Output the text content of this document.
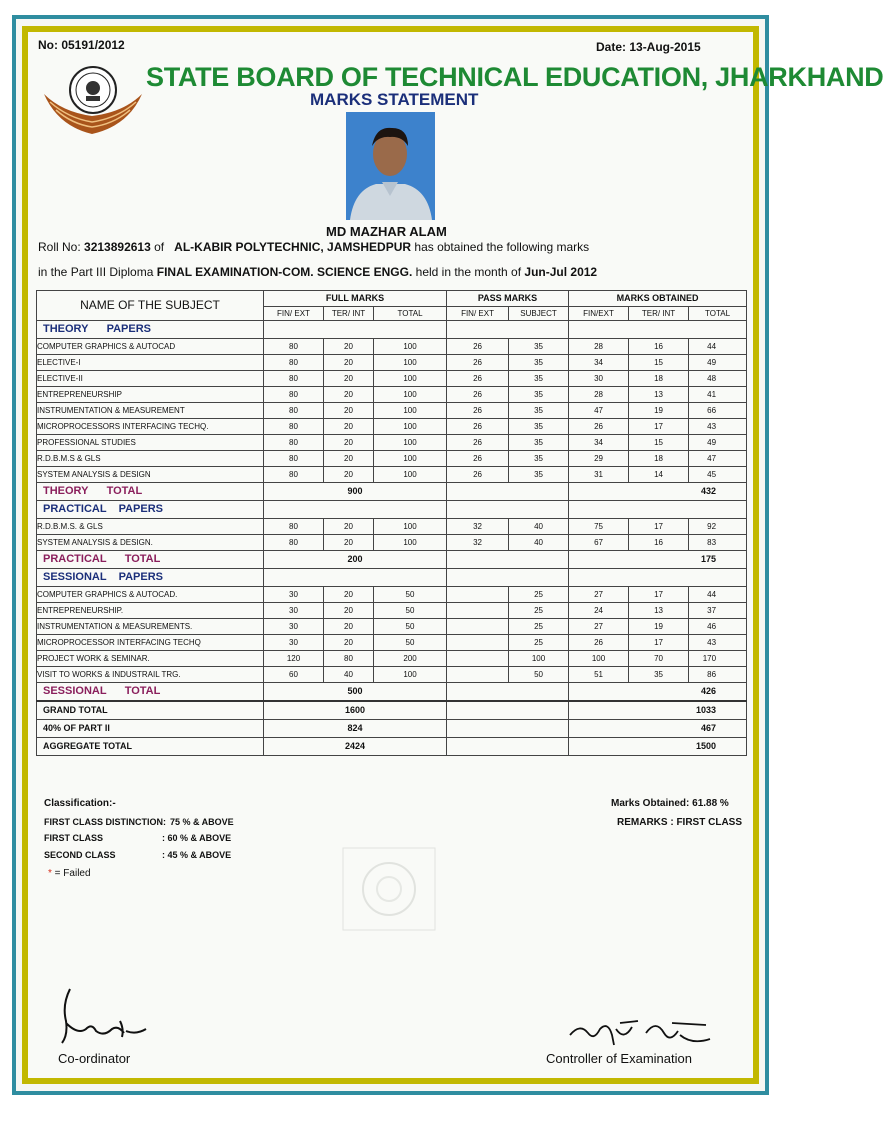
No: 05191/2012	Date: 13-Aug-2015
STATE BOARD OF TECHNICAL EDUCATION, JHARKHAND
MARKS STATEMENT
MD MAZHAR ALAM
Roll No: 3213892613 of AL-KABIR POLYTECHNIC, JAMSHEDPUR has obtained the following marks
in the Part III Diploma FINAL EXAMINATION-COM. SCIENCE ENGG. held in the month of Jun-Jul 2012
NAME OF THE SUBJECT	FULL MARKS			PASS MARKS		MARKS OBTAINED		
	FIN/ EXT	TER/ INT	TOTAL	FIN/ EXT	SUBJECT	FIN/EXT	TER/ INT	TOTAL
THEORY      PAPERS								
COMPUTER GRAPHICS & AUTOCAD	80	20	100	26	35	28	16	44
ELECTIVE-I	80	20	100	26	35	34	15	49
ELECTIVE-II	80	20	100	26	35	30	18	48
ENTREPRENEURSHIP	80	20	100	26	35	28	13	41
INSTRUMENTATION & MEASUREMENT	80	20	100	26	35	47	19	66
MICROPROCESSORS INTERFACING TECHQ.	80	20	100	26	35	26	17	43
PROFESSIONAL STUDIES	80	20	100	26	35	34	15	49
R.D.B.M.S & GLS	80	20	100	26	35	29	18	47
SYSTEM ANALYSIS & DESIGN	80	20	100	26	35	31	14	45
THEORY      TOTAL	900					432		
PRACTICAL    PAPERS								
R.D.B.M.S. & GLS	80	20	100	32	40	75	17	92
SYSTEM ANALYSIS & DESIGN.	80	20	100	32	40	67	16	83
PRACTICAL      TOTAL	200					175		
SESSIONAL    PAPERS								
COMPUTER GRAPHICS & AUTOCAD.	30	20	50		25	27	17	44
ENTREPRENEURSHIP.	30	20	50		25	24	13	37
INSTRUMENTATION & MEASUREMENTS.	30	20	50		25	27	19	46
MICROPROCESSOR INTERFACING TECHQ	30	20	50		25	26	17	43
PROJECT WORK & SEMINAR.	120	80	200		100	100	70	170
VISIT TO WORKS & INDUSTRAIL TRG.	60	40	100		50	51	35	86
SESSIONAL      TOTAL	500					426		
GRAND TOTAL	1600					1033		
40% OF PART II	824					467		
AGGREGATE TOTAL	2424					1500		
Classification:-
FIRST CLASS DISTINCTION: 75 % & ABOVE
FIRST CLASS	: 60 % & ABOVE
SECOND CLASS	: 45 % & ABOVE
* = Failed
Marks Obtained: 61.88 %
REMARKS : FIRST CLASS
Co-ordinator	Controller of Examination
